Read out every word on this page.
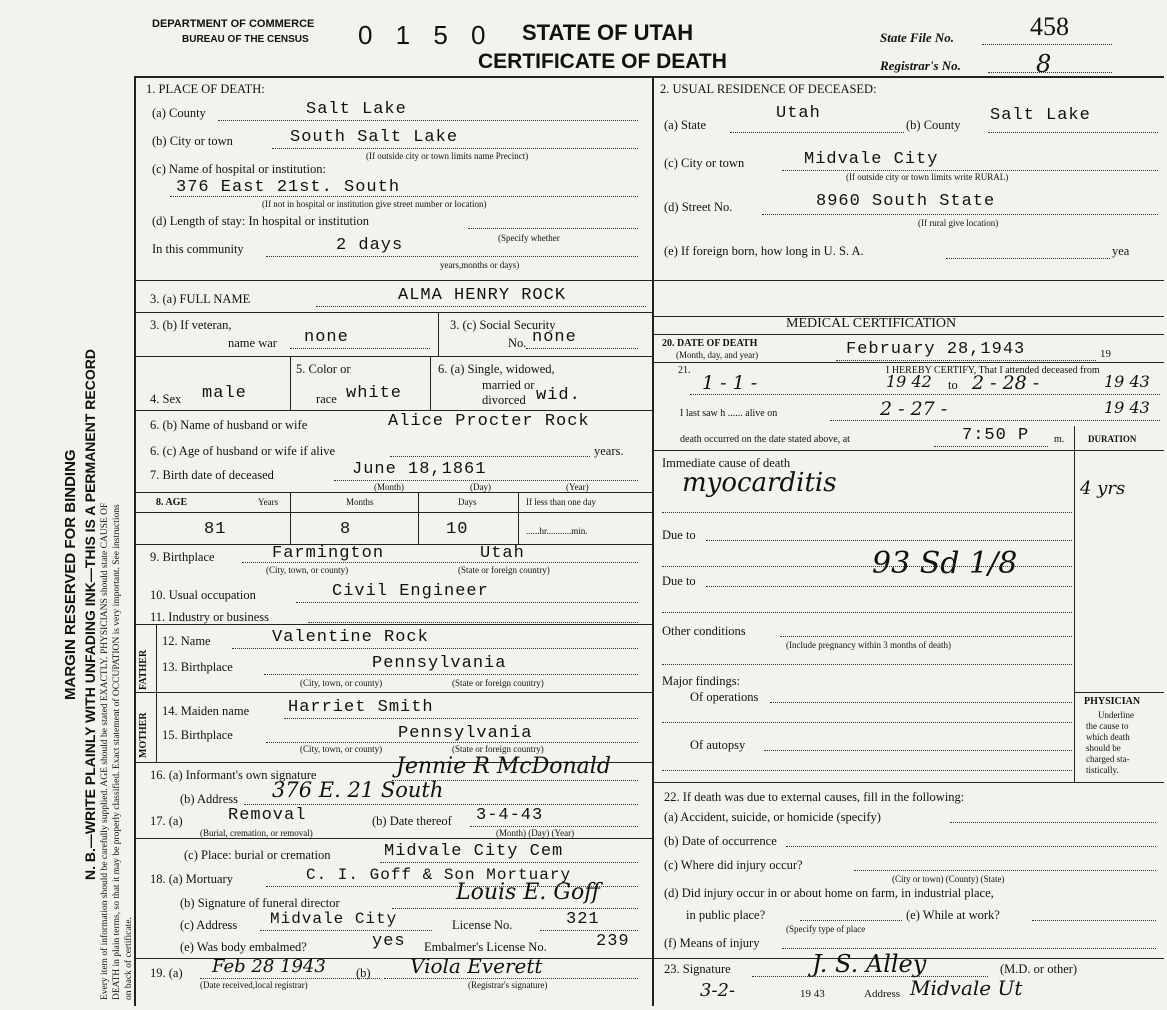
MARGIN RESERVED FOR BINDING N. B.—WRITE PLAINLY WITH UNFADING INK—THIS IS A PERMANENT RECORD Every item of information should be carefully supplied. AGE should be stated EXACTLY. PHYSICIANS should state CAUSE OF DEATH in plain terms, so that it may be properly classified. Exact statement of OCCUPATION is very important. See instructions on back of certificate.
DEPARTMENT OF COMMERCE
BUREAU OF THE CENSUS 0 1 5 0 STATE OF UTAH
CERTIFICATE OF DEATH
State File No.	458
Registrar's No.	8
1. PLACE OF DEATH:
(a) County	Salt Lake
(b) City or town	South Salt Lake
(If outside city or town limits name Precinct)
(c) Name of hospital or institution:
376 East 21st. South
(If not in hospital or institution give street number or location)
(d) Length of stay: In hospital or institution
(Specify whether
In this community	2 days
years,months or days)
2. USUAL RESIDENCE OF DECEASED:
(a) State
Utah
(b) County Salt Lake
(c) City or town	Midvale City
(If outside city or town limits write RURAL)
(d) Street No.	8960 South State
(If rural give location)
(e) If foreign born, how long in U. S. A.	yea
3. (a) FULL NAME	ALMA HENRY ROCK
3. (b) If veteran,
name war none
3. (c) Social Security
No. none
5. Color or
race white
6. (a) Single, widowed,
married or
divorced wid.
4. Sex male
6. (b) Name of husband or wife	Alice Procter Rock
6. (c) Age of husband or wife if alive	years.
7. Birth date of deceased	June 18,1861
(Month)	(Day)	(Year)
8. AGE	Years	Months	Days	If less than one day
81	8	10	......hr...........min.
9. Birthplace	Farmington	Utah
(City, town, or county)	(State or foreign country)
10. Usual occupation	Civil Engineer
11. Industry or business
FATHER
MOTHER
12. Name	Valentine Rock
13. Birthplace	Pennsylvania
(City, town, or county)	(State or foreign country)
14. Maiden name Harriet Smith
15. Birthplace	Pennsylvania
(City, town, or county)	(State or foreign country)
16. (a) Informant's own signature	Jennie R McDonald
(b) Address 376 E. 21 South
17. (a)	Removal
(Burial, cremation, or removal)
(b) Date thereof 3-4-43
(Month) (Day) (Year)
(c) Place: burial or cremation	Midvale City Cem
18. (a) Mortuary	C. I. Goff & Son Mortuary
(b) Signature of funeral director	Louis E. Goff
(c) Address Midvale City	License No.	321
(e) Was body embalmed?	yes Embalmer's License No.	239
19. (a) Feb 28 1943
(Date received,local registrar)
(b) Viola Everett
(Registrar's signature)
MEDICAL CERTIFICATION
20. DATE OF DEATH
(Month, day, and year)	February 28,1943	19
21.	I HEREBY CERTIFY, That I attended deceased from
1 - 1 -	19 42 to 2 - 28 -	19 43
I last saw h ...... alive on	2 - 27 -	19 43
death occurred on the date stated above, at	7:50 P m.	DURATION
Immediate cause of death
myocarditis	4 yrs
Due to
93 Sd 1/8
Due to
Other conditions
(Include pregnancy within 3 months of death)
Major findings:
Of operations
Of autopsy
PHYSICIAN
Underline
the cause to
which death
should be
charged sta-
tistically.
22. If death was due to external causes, fill in the following:
(a) Accident, suicide, or homicide (specify)
(b) Date of occurrence
(c) Where did injury occur?
(City or town) (County) (State)
(d) Did injury occur in or about home on farm, in industrial place,
in public place?
(Specify type of place
(e) While at work?
(f) Means of injury
23. Signature	J. S. Alley	(M.D. or other)
3-2-	19 43	Address Midvale Ut
